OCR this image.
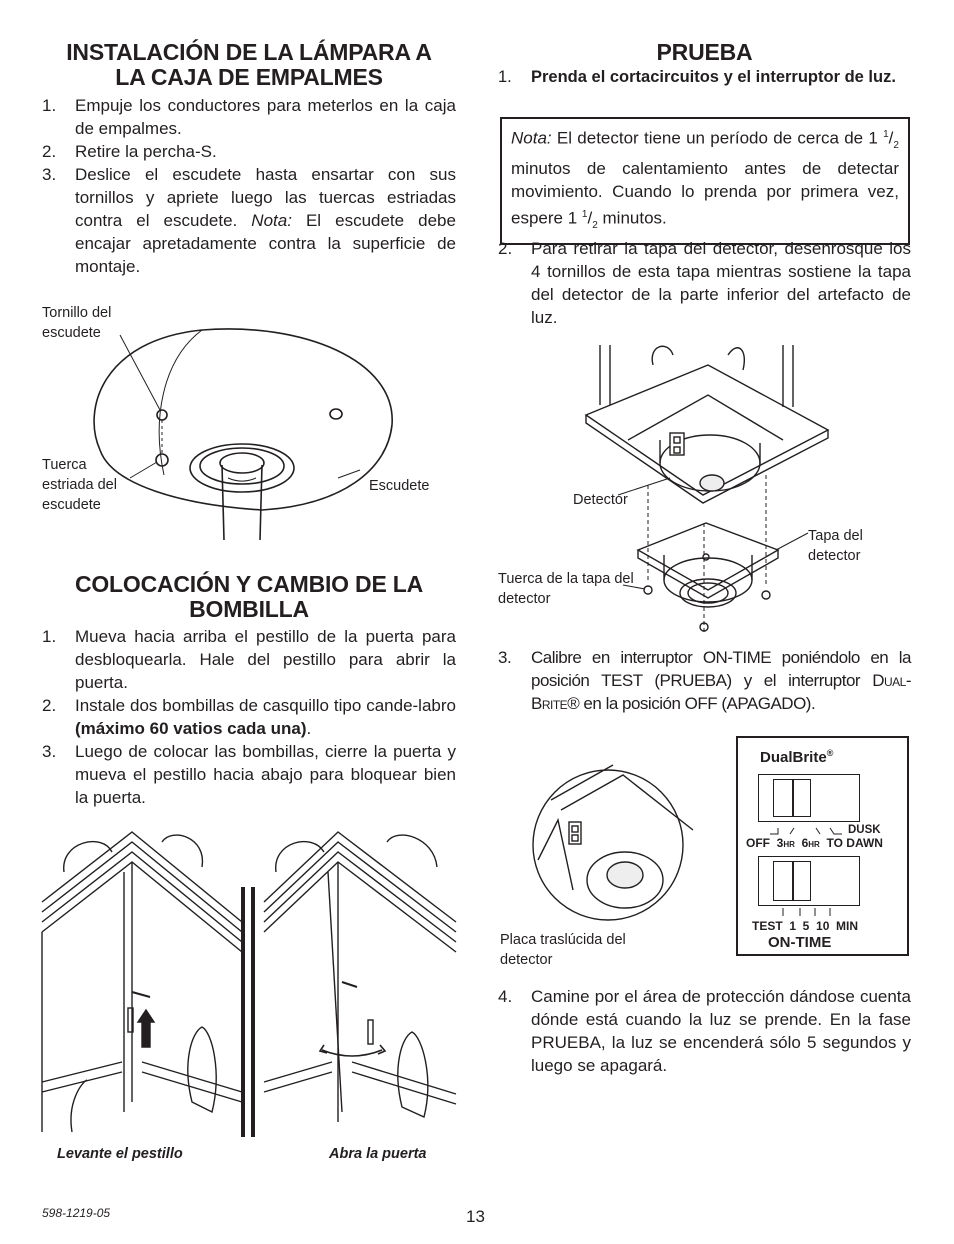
INSTALACIÓN DE LA LÁMPARA A
LA CAJA DE EMPALMES
1. Empuje los conductores para meterlos en la caja de empalmes.
2. Retire la percha-S.
3. Deslice el escudete hasta ensartar con sus tornillos y apriete luego las tuercas estriadas contra el escudete. Nota: El escudete debe encajar apretadamente contra la superficie de montaje.
Tornillo del escudete
Tuerca estriada del escudete
Escudete
COLOCACIÓN Y CAMBIO DE LA
BOMBILLA
1. Mueva hacia arriba el pestillo de la puerta para desbloquearla. Hale del pestillo para abrir la puerta.
2. Instale dos bombillas de casquillo tipo cande-labro (máximo 60 vatios cada una).
3. Luego de colocar las bombillas, cierre la puerta y mueva el pestillo hacia abajo para bloquear bien la puerta.
Levante el pestillo	Abra la puerta
PRUEBA
1. Prenda el cortacircuitos y el interruptor de luz.
Nota: El detector tiene un período de cerca de 1 $^1/_2$ minutos de calentamiento antes de detectar movimiento. Cuando lo prenda por primera vez, espere 1 $^1/_2$ minutos.
2. Para retirar la tapa del detector, desenrosque los 4 tornillos de esta tapa mientras sostiene la tapa del detector de la parte inferior del artefacto de luz.
Detector
Tapa del detector
Tuerca de la tapa del detector
3. Calibre en interruptor ON-TIME poniéndolo en la posición TEST (PRUEBA) y el interruptor Dual-Brite® en la posición OFF (APAGADO).
Placa traslúcida del detector
DualBrite®
DUSK
OFF 3HR 6HR TO DAWN
TEST  1  5  10  MIN
ON-TIME
4. Camine por el área de protección dándose cuenta dónde está cuando la luz se prende. En la fase PRUEBA, la luz se encenderá sólo 5 segundos y luego se apagará.
598-1219-05	13
